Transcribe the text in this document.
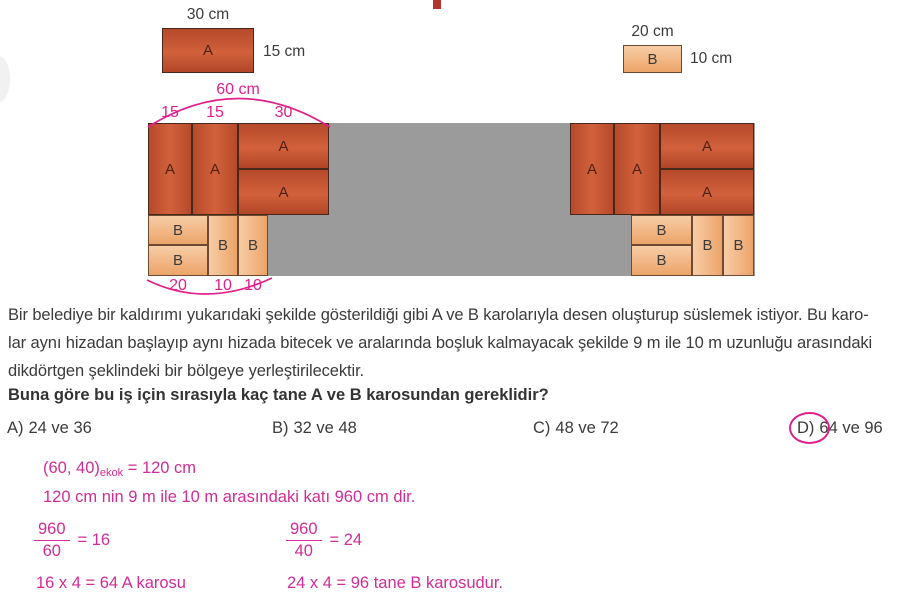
30 cm
A	15 cm
20 cm
B 10 cm
A A
A
A
B
B
B B
A A
A
A
B
B
B B
60 cm
15	15	30
20	10 10
Bir belediye bir kaldırımı yukarıdaki şekilde gösterildiği gibi A ve B karolarıyla desen oluşturup süslemek istiyor. Bu karo-
lar aynı hizadan başlayıp aynı hizada bitecek ve aralarında boşluk kalmayacak şekilde 9 m ile 10 m uzunluğu arasındaki
dikdörtgen şeklindeki bir bölgeye yerleştirilecektir.
Buna göre bu iş için sırasıyla kaç tane A ve B karosundan gereklidir?
A) 24 ve 36	B) 32 ve 48	C) 48 ve 72	D) 64 ve 96
(60, $40)_{ekok} = 120$ cm
120 cm nin 9 m ile 10 m arasındaki katı 960 cm dir.
$\frac{960}{60} = 16$	$\frac{960}{40} = 24$
16 x 4 = 64 A karosu	24 x 4 = 96 tane B karosudur.
